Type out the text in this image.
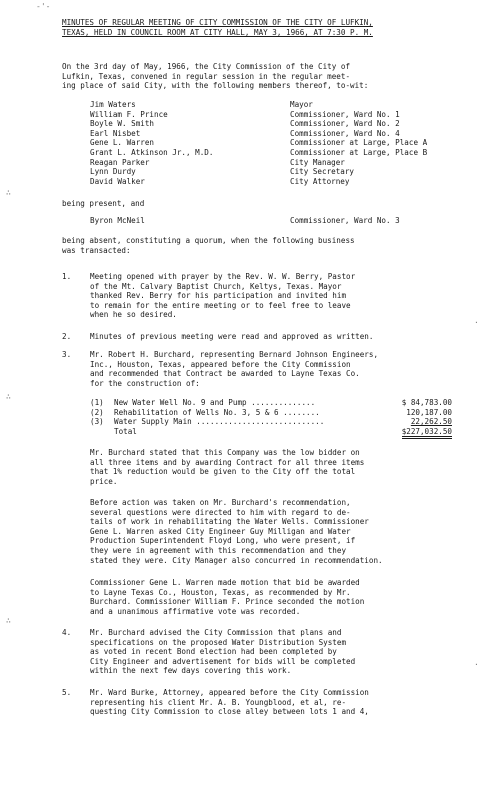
-'-
∴
∴
∴
·
·
MINUTES OF REGULAR MEETING OF CITY COMMISSION OF THE CITY OF LUFKIN,
TEXAS, HELD IN COUNCIL ROOM AT CITY HALL, MAY 3, 1966, AT 7:30 P. M.
On the 3rd day of May, 1966, the City Commission of the City of
Lufkin, Texas, convened in regular session in the regular meet-
ing place of said City, with the following members thereof, to-wit:
Jim Waters	Mayor
William F. Prince	Commissioner, Ward No. 1
Boyle W. Smith	Commissioner, Ward No. 2
Earl Nisbet	Commissioner, Ward No. 4
Gene L. Warren	Commissioner at Large, Place A
Grant L. Atkinson Jr., M.D.	Commissioner at Large, Place B
Reagan Parker	City Manager
Lynn Durdy	City Secretary
David Walker	City Attorney
being present, and
Byron McNeil	Commissioner, Ward No. 3
being absent, constituting a quorum, when the following business
was transacted:
1. Meeting opened with prayer by the Rev. W. W. Berry, Pastor
of the Mt. Calvary Baptist Church, Keltys, Texas. Mayor
thanked Rev. Berry for his participation and invited him
to remain for the entire meeting or to feel free to leave
when he so desired.
2. Minutes of previous meeting were read and approved as written.
3. Mr. Robert H. Burchard, representing Bernard Johnson Engineers,
Inc., Houston, Texas, appeared before the City Commission
and recommended that Contract be awarded to Layne Texas Co.
for the construction of:
(1)	New Water Well No. 9 and Pump ..............	$ 84,783.00
(2)	Rehabilitation of Wells No. 3, 5 & 6 ........	120,187.00
(3)	Water Supply Main ............................	22,262.50
Total	$227,032.50
Mr. Burchard stated that this Company was the low bidder on
all three items and by awarding Contract for all three items
that 1% reduction would be given to the City off the total
price.
Before action was taken on Mr. Burchard's recommendation,
several questions were directed to him with regard to de-
tails of work in rehabilitating the Water Wells. Commissioner
Gene L. Warren asked City Engineer Guy Milligan and Water
Production Superintendent Floyd Long, who were present, if
they were in agreement with this recommendation and they
stated they were. City Manager also concurred in recommendation.
Commissioner Gene L. Warren made motion that bid be awarded
to Layne Texas Co., Houston, Texas, as recommended by Mr.
Burchard. Commissioner William F. Prince seconded the motion
and a unanimous affirmative vote was recorded.
4. Mr. Burchard advised the City Commission that plans and
specifications on the proposed Water Distribution System
as voted in recent Bond election had been completed by
City Engineer and advertisement for bids will be completed
within the next few days covering this work.
5. Mr. Ward Burke, Attorney, appeared before the City Commission
representing his client Mr. A. B. Youngblood, et al, re-
questing City Commission to close alley between lots 1 and 4,
